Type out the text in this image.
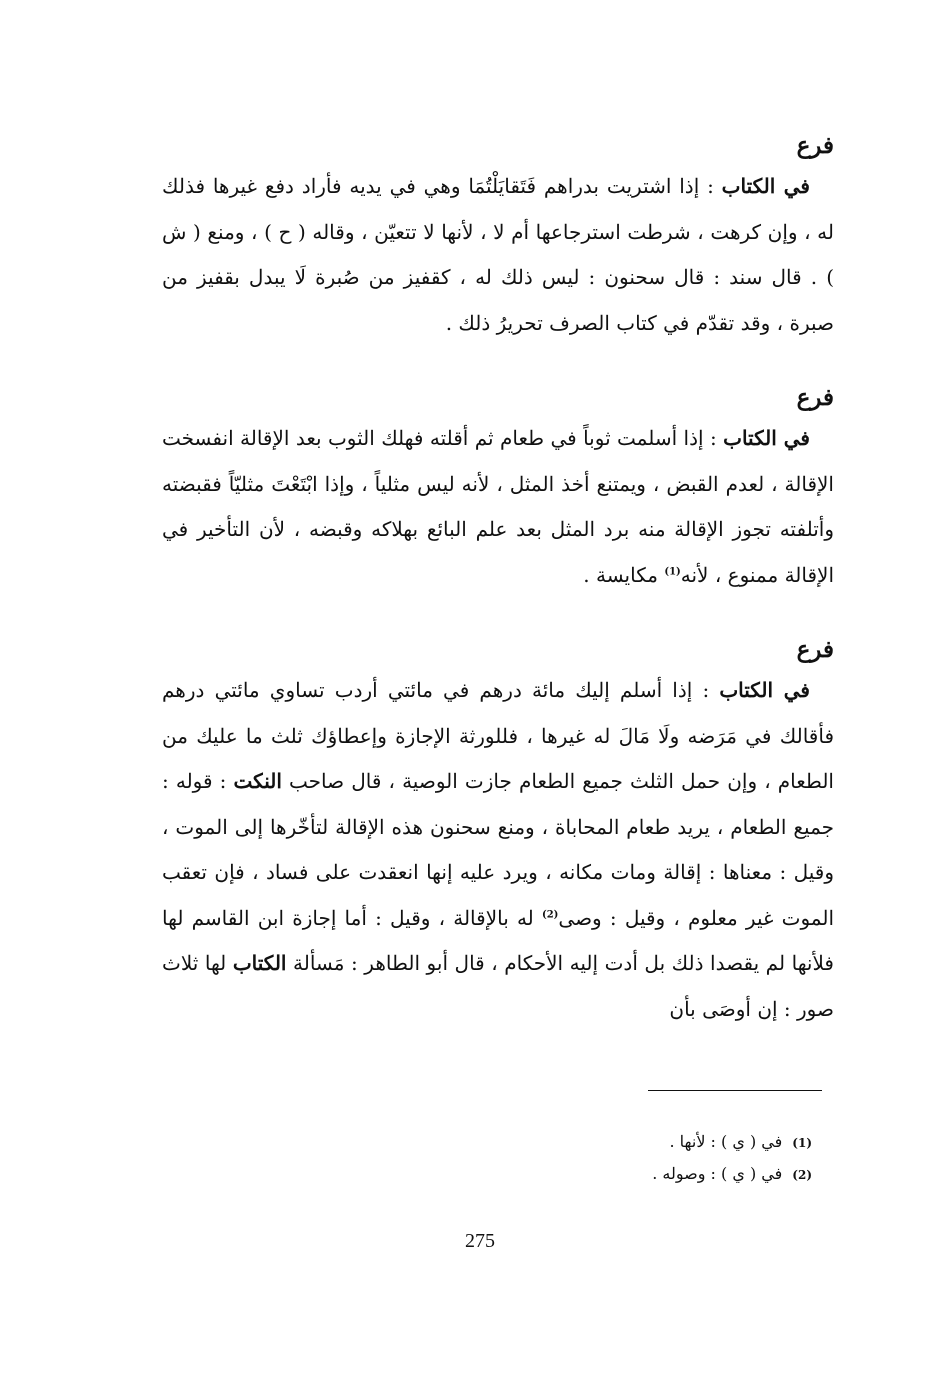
فرع

في الكتاب : إذا اشتريت بدراهم فَتَقايَلْتُمَا وهي في يديه فأراد دفع غيرها فذلك له ، وإن كرهت ، شرطت استرجاعها أم لا ، لأنها لا تتعيّن ، وقاله ( ح ) ، ومنع ( ش ) . قال سند : قال سحنون : ليس ذلك له ، كقفيز من صُبرة لَا يبدل بقفيز من صبرة ، وقد تقدّم في كتاب الصرف تحريرُ ذلك .

فرع

في الكتاب : إذا أسلمت ثوباً في طعام ثم أقلته فهلك الثوب بعد الإقالة انفسخت الإقالة ، لعدم القبض ، ويمتنع أخذ المثل ، لأنه ليس مثلياً ، وإذا ابْتَعْتَ مثليّاً فقبضته وأتلفته تجوز الإقالة منه برد المثل بعد علم البائع بهلاكه وقبضه ، لأن التأخير في الإقالة ممنوع ، لأنه$^{(1)}$ مكايسة .

فرع

في الكتاب : إذا أسلم إليك مائة درهم في مائتي أردب تساوي مائتي درهم فأقالك في مَرَضه ولَا مَالَ له غيرها ، فللورثة الإجازة وإعطاؤك ثلث ما عليك من الطعام ، وإن حمل الثلث جميع الطعام جازت الوصية ، قال صاحب النكت : قوله : جميع الطعام ، يريد طعام المحاباة ، ومنع سحنون هذه الإقالة لتأخّرها إلى الموت ، وقيل : معناها : إقالة ومات مكانه ، ويرد عليه إنها انعقدت على فساد ، فإن تعقب الموت غير معلوم ، وقيل : وصى$^{(2)}$ له بالإقالة ، وقيل : أما إجازة ابن القاسم لها فلأنها لم يقصدا ذلك بل أدت إليه الأحكام ، قال أبو الطاهر : مَسألة الكتاب لها ثلاث صور : إن أوصَى بأن

(1)في ( ي ) : لأنها .

(2)في ( ي ) : وصوله .

275
